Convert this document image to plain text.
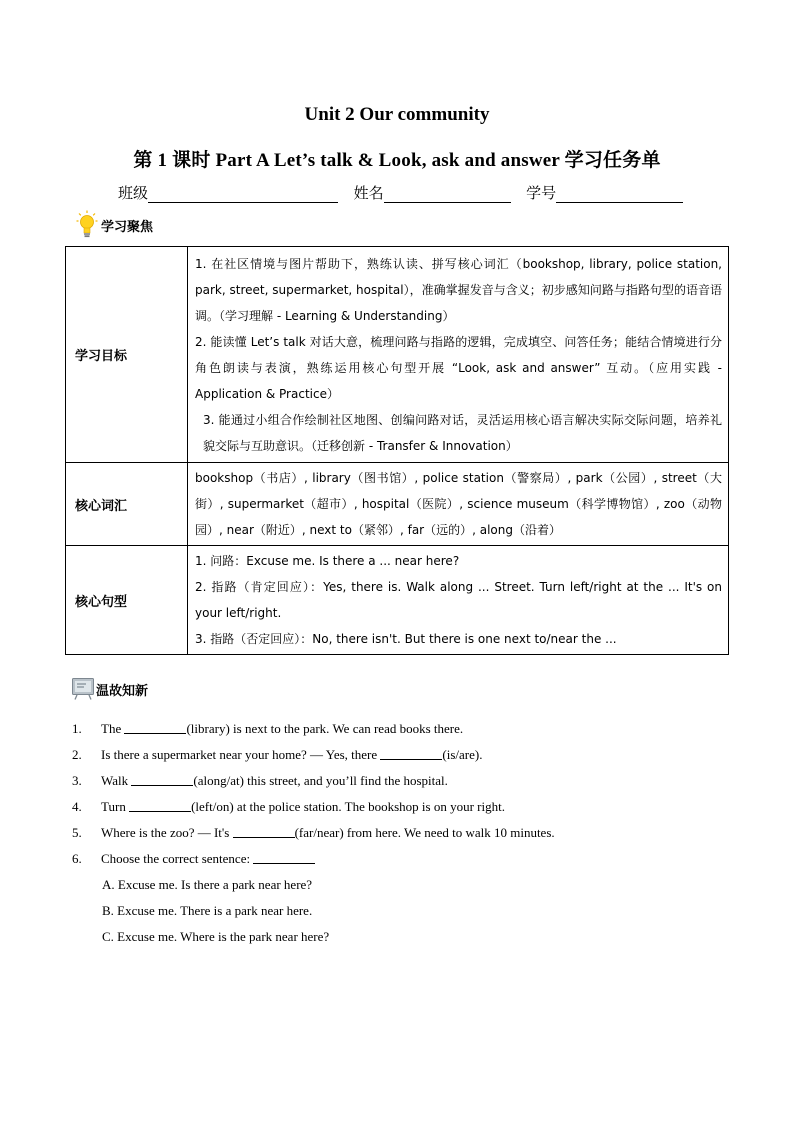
Unit 2 Our community
第 1 课时 Part A Let’s talk & Look, ask and answer 学习任务单
班级	姓名	学号
学习聚焦
学习目标	1. 在社区情境与图片帮助下，熟练认读、拼写核心词汇（bookshop, library, police station, park, street, supermarket, hospital），准确掌握发音与含义；初步感知问路与指路句型的语音语调。（学习理解 - Learning & Understanding）
2. 能读懂 Let’s talk 对话大意，梳理问路与指路的逻辑，完成填空、问答任务；能结合情境进行分角色朗读与表演，熟练运用核心句型开展 “Look, ask and answer” 互动。（应用实践 - Application & Practice）
3. 能通过小组合作绘制社区地图、创编问路对话，灵活运用核心语言解决实际交际问题，培养礼貌交际与互助意识。（迁移创新 - Transfer & Innovation）

核心词汇	bookshop（书店）, library（图书馆）, police station（警察局）, park（公园）, street（大街）, supermarket（超市）, hospital（医院）, science museum（科学博物馆）, zoo（动物园）, near（附近）, next to（紧邻）, far（远的）, along（沿着）

核心句型	1. 问路：Excuse me. Is there a ... near here?
2. 指路（肯定回应）：Yes, there is. Walk along ... Street. Turn left/right at the ... It's on your left/right.
3. 指路（否定回应）：No, there isn't. But there is one next to/near the ...
温故知新
1.	The	(library) is next to the park. We can read books there.
2.	Is there a supermarket near your home? — Yes, there	(is/are).
3.	Walk	(along/at) this street, and you’ll find the hospital.
4.	Turn	(left/on) at the police station. The bookshop is on your right.
5.	Where is the zoo? — It's	(far/near) from here. We need to walk 10 minutes.
6.	Choose the correct sentence:
A. Excuse me. Is there a park near here?
B. Excuse me. There is a park near here.
C. Excuse me. Where is the park near here?
